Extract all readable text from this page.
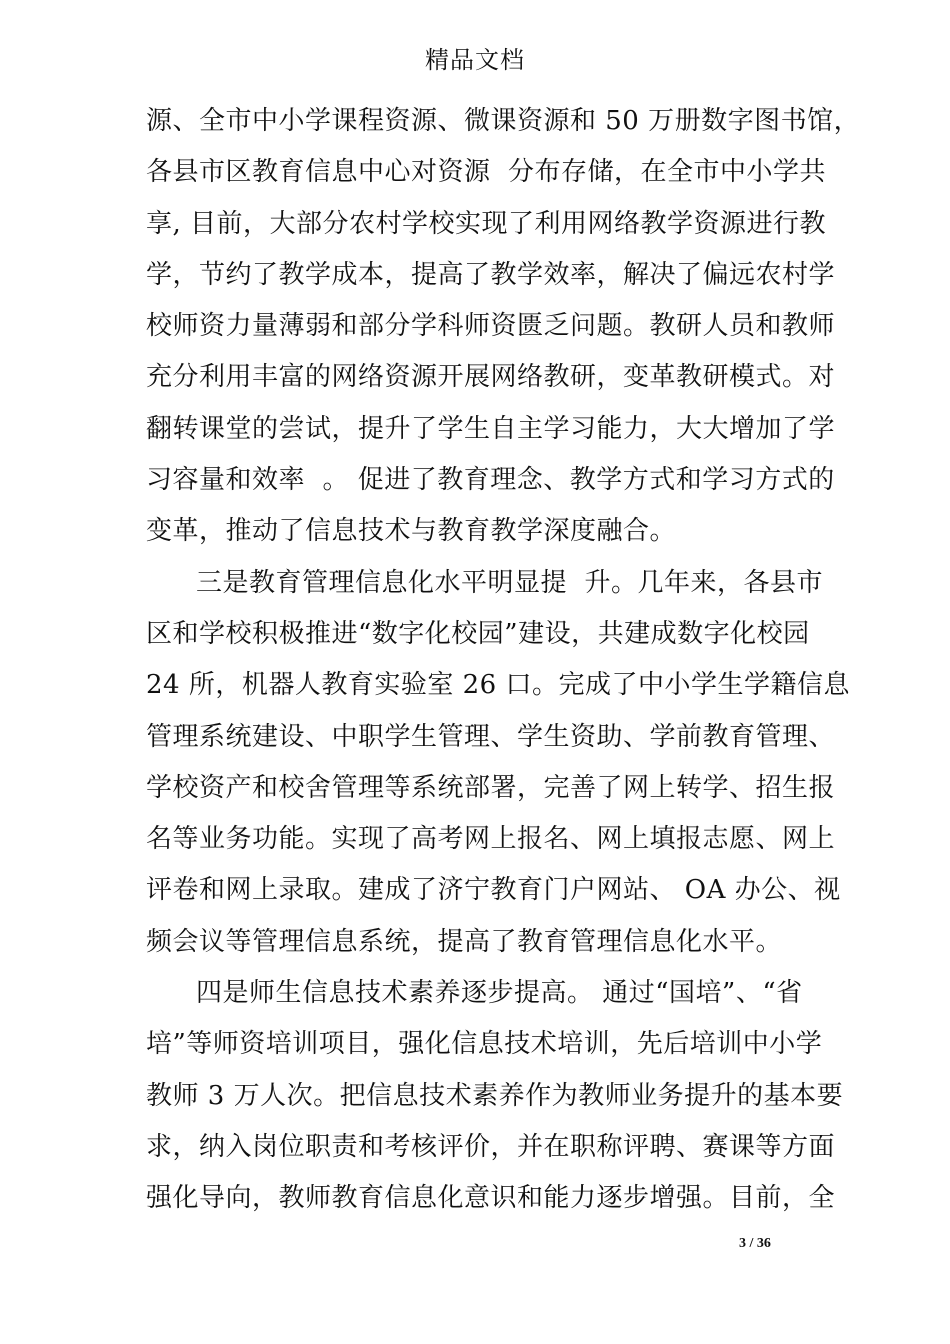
精品文档
源、全市中小学课程资源、微课资源和 50 万册数字图书馆，
各县市区教育信息中心对资源  分布存储，在全市中小学共
享, 目前，大部分农村学校实现了利用网络教学资源进行教
学，节约了教学成本，提高了教学效率，解决了偏远农村学
校师资力量薄弱和部分学科师资匮乏问题。教研人员和教师
充分利用丰富的网络资源开展网络教研，变革教研模式。对
翻转课堂的尝试，提升了学生自主学习能力，大大增加了学
习容量和效率  。 促进了教育理念、教学方式和学习方式的
变革，推动了信息技术与教育教学深度融合。
三是教育管理信息化水平明显提  升。几年来，各县市
区和学校积极推进“数字化校园”建设，共建成数字化校园
24 所，机器人教育实验室 26 口。完成了中小学生学籍信息
管理系统建设、中职学生管理、学生资助、学前教育管理、
学校资产和校舍管理等系统部署，完善了网上转学、招生报
名等业务功能。实现了高考网上报名、网上填报志愿、网上
评卷和网上录取。建成了济宁教育门户网站、 OA 办公、视
频会议等管理信息系统，提高了教育管理信息化水平。
四是师生信息技术素养逐步提高。 通过“国培”、“省
培”等师资培训项目，强化信息技术培训，先后培训中小学
教师 3 万人次。把信息技术素养作为教师业务提升的基本要
求，纳入岗位职责和考核评价，并在职称评聘、赛课等方面
强化导向，教师教育信息化意识和能力逐步增强。目前，全
3 / 36
